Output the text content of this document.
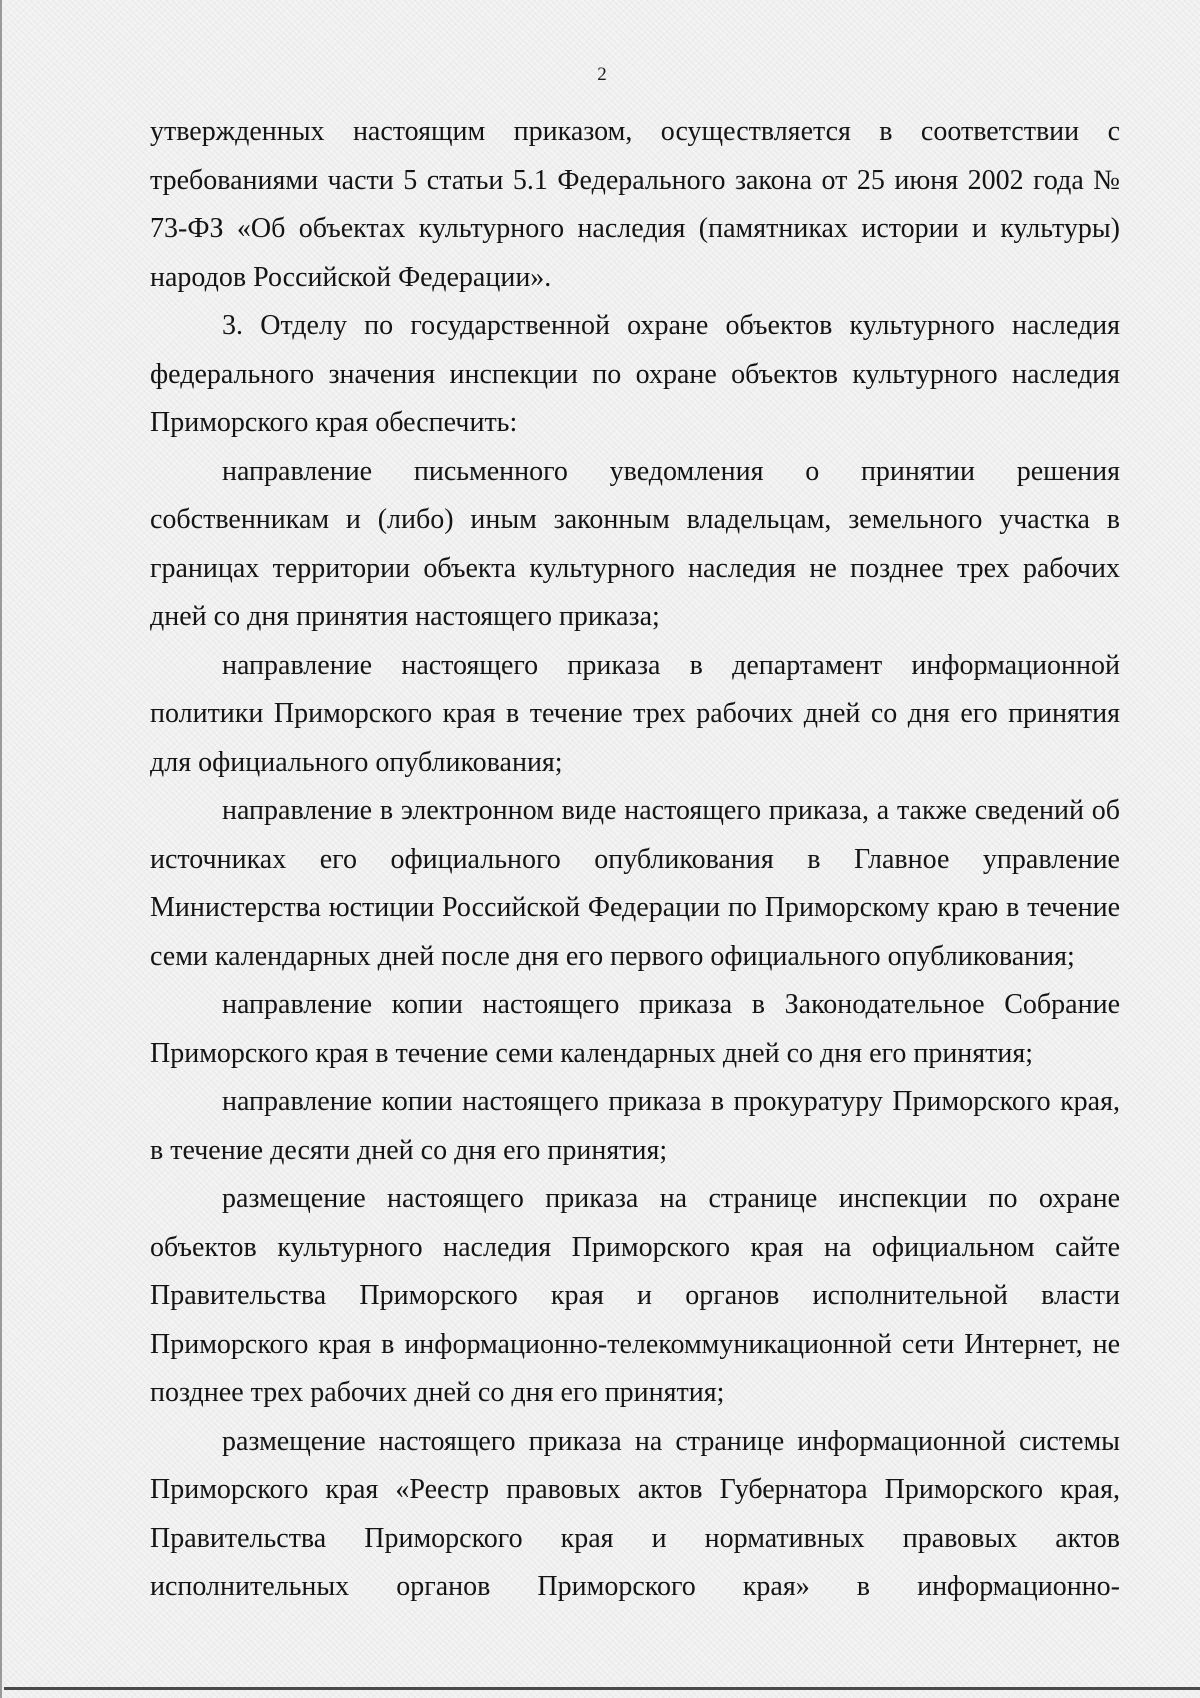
2

утвержденных настоящим приказом, осуществляется в соответствии с требованиями части 5 статьи 5.1 Федерального закона от 25 июня 2002 года № 73-ФЗ «Об объектах культурного наследия (памятниках истории и культуры) народов Российской Федерации».

3. Отделу по государственной охране объектов культурного наследия федерального значения инспекции по охране объектов культурного наследия Приморского края обеспечить:

направление письменного уведомления о принятии решения собственникам и (либо) иным законным владельцам, земельного участка в границах территории объекта культурного наследия не позднее трех рабочих дней со дня принятия настоящего приказа;

направление настоящего приказа в департамент информационной политики Приморского края в течение трех рабочих дней со дня его принятия для официального опубликования;

направление в электронном виде настоящего приказа, а также сведений об источниках его официального опубликования в Главное управление Министерства юстиции Российской Федерации по Приморскому краю в течение семи календарных дней после дня его первого официального опубликования;

направление копии настоящего приказа в Законодательное Собрание Приморского края в течение семи календарных дней со дня его принятия;

направление копии настоящего приказа в прокуратуру Приморского края, в течение десяти дней со дня его принятия;

размещение настоящего приказа на странице инспекции по охране объектов культурного наследия Приморского края на официальном сайте Правительства Приморского края и органов исполнительной власти Приморского края в информационно-телекоммуникационной сети Интернет, не позднее трех рабочих дней со дня его принятия;

размещение настоящего приказа на странице информационной системы Приморского края «Реестр правовых актов Губернатора Приморского края, Правительства Приморского края и нормативных правовых актов исполнительных органов Приморского края» в информационно-
